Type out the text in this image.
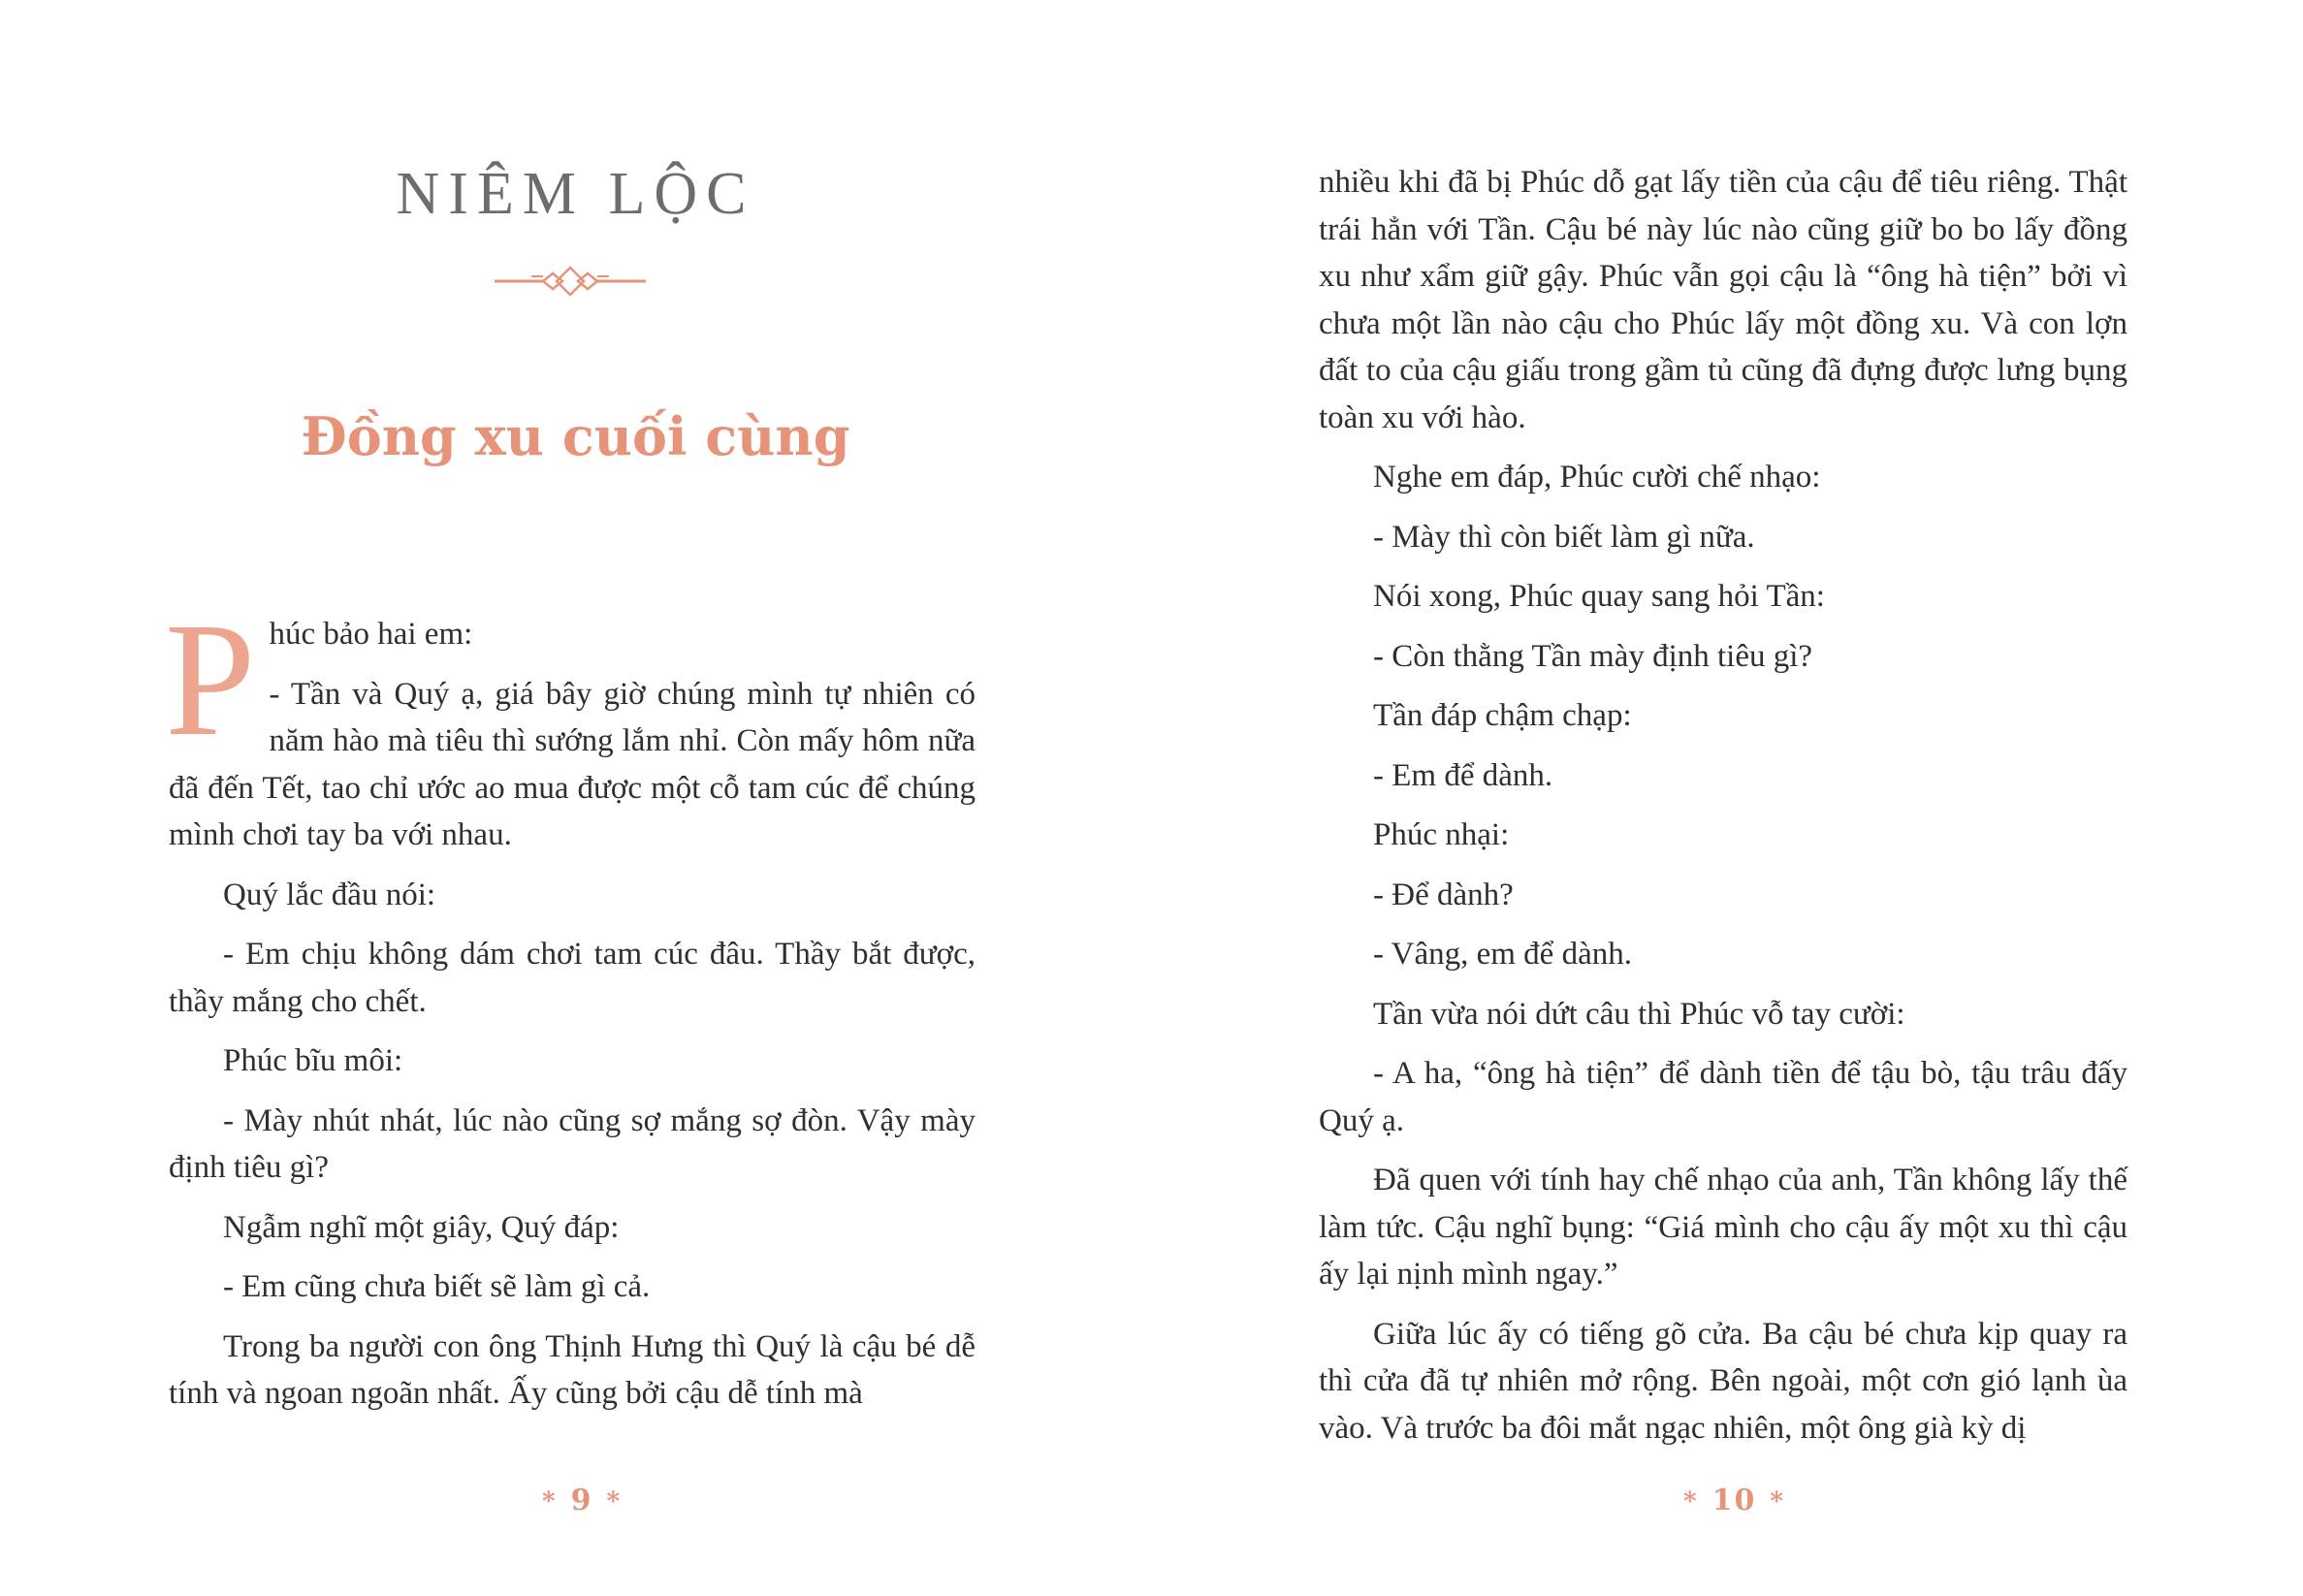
NIÊM LỘC
Đồng xu cuối cùng

Phúc bảo hai em:

- Tần và Quý ạ, giá bây giờ chúng mình tự nhiên có năm hào mà tiêu thì sướng lắm nhỉ. Còn mấy hôm nữa đã đến Tết, tao chỉ ước ao mua được một cỗ tam cúc để chúng mình chơi tay ba với nhau.

Quý lắc đầu nói:

- Em chịu không dám chơi tam cúc đâu. Thầy bắt được, thầy mắng cho chết.

Phúc bĩu môi:

- Mày nhút nhát, lúc nào cũng sợ mắng sợ đòn. Vậy mày định tiêu gì?

Ngẫm nghĩ một giây, Quý đáp:

- Em cũng chưa biết sẽ làm gì cả.

Trong ba người con ông Thịnh Hưng thì Quý là cậu bé dễ tính và ngoan ngoãn nhất. Ấy cũng bởi cậu dễ tính mà

* 9 *

nhiều khi đã bị Phúc dỗ gạt lấy tiền của cậu để tiêu riêng. Thật trái hẳn với Tần. Cậu bé này lúc nào cũng giữ bo bo lấy đồng xu như xẩm giữ gậy. Phúc vẫn gọi cậu là “ông hà tiện” bởi vì chưa một lần nào cậu cho Phúc lấy một đồng xu. Và con lợn đất to của cậu giấu trong gầm tủ cũng đã đựng được lưng bụng toàn xu với hào.

Nghe em đáp, Phúc cười chế nhạo:

- Mày thì còn biết làm gì nữa.

Nói xong, Phúc quay sang hỏi Tần:

- Còn thằng Tần mày định tiêu gì?

Tần đáp chậm chạp:

- Em để dành.

Phúc nhại:

- Để dành?

- Vâng, em để dành.

Tần vừa nói dứt câu thì Phúc vỗ tay cười:

- A ha, “ông hà tiện” để dành tiền để tậu bò, tậu trâu đấy Quý ạ.

Đã quen với tính hay chế nhạo của anh, Tần không lấy thế làm tức. Cậu nghĩ bụng: “Giá mình cho cậu ấy một xu thì cậu ấy lại nịnh mình ngay.”

Giữa lúc ấy có tiếng gõ cửa. Ba cậu bé chưa kịp quay ra thì cửa đã tự nhiên mở rộng. Bên ngoài, một cơn gió lạnh ùa vào. Và trước ba đôi mắt ngạc nhiên, một ông già kỳ dị

* 10 *
